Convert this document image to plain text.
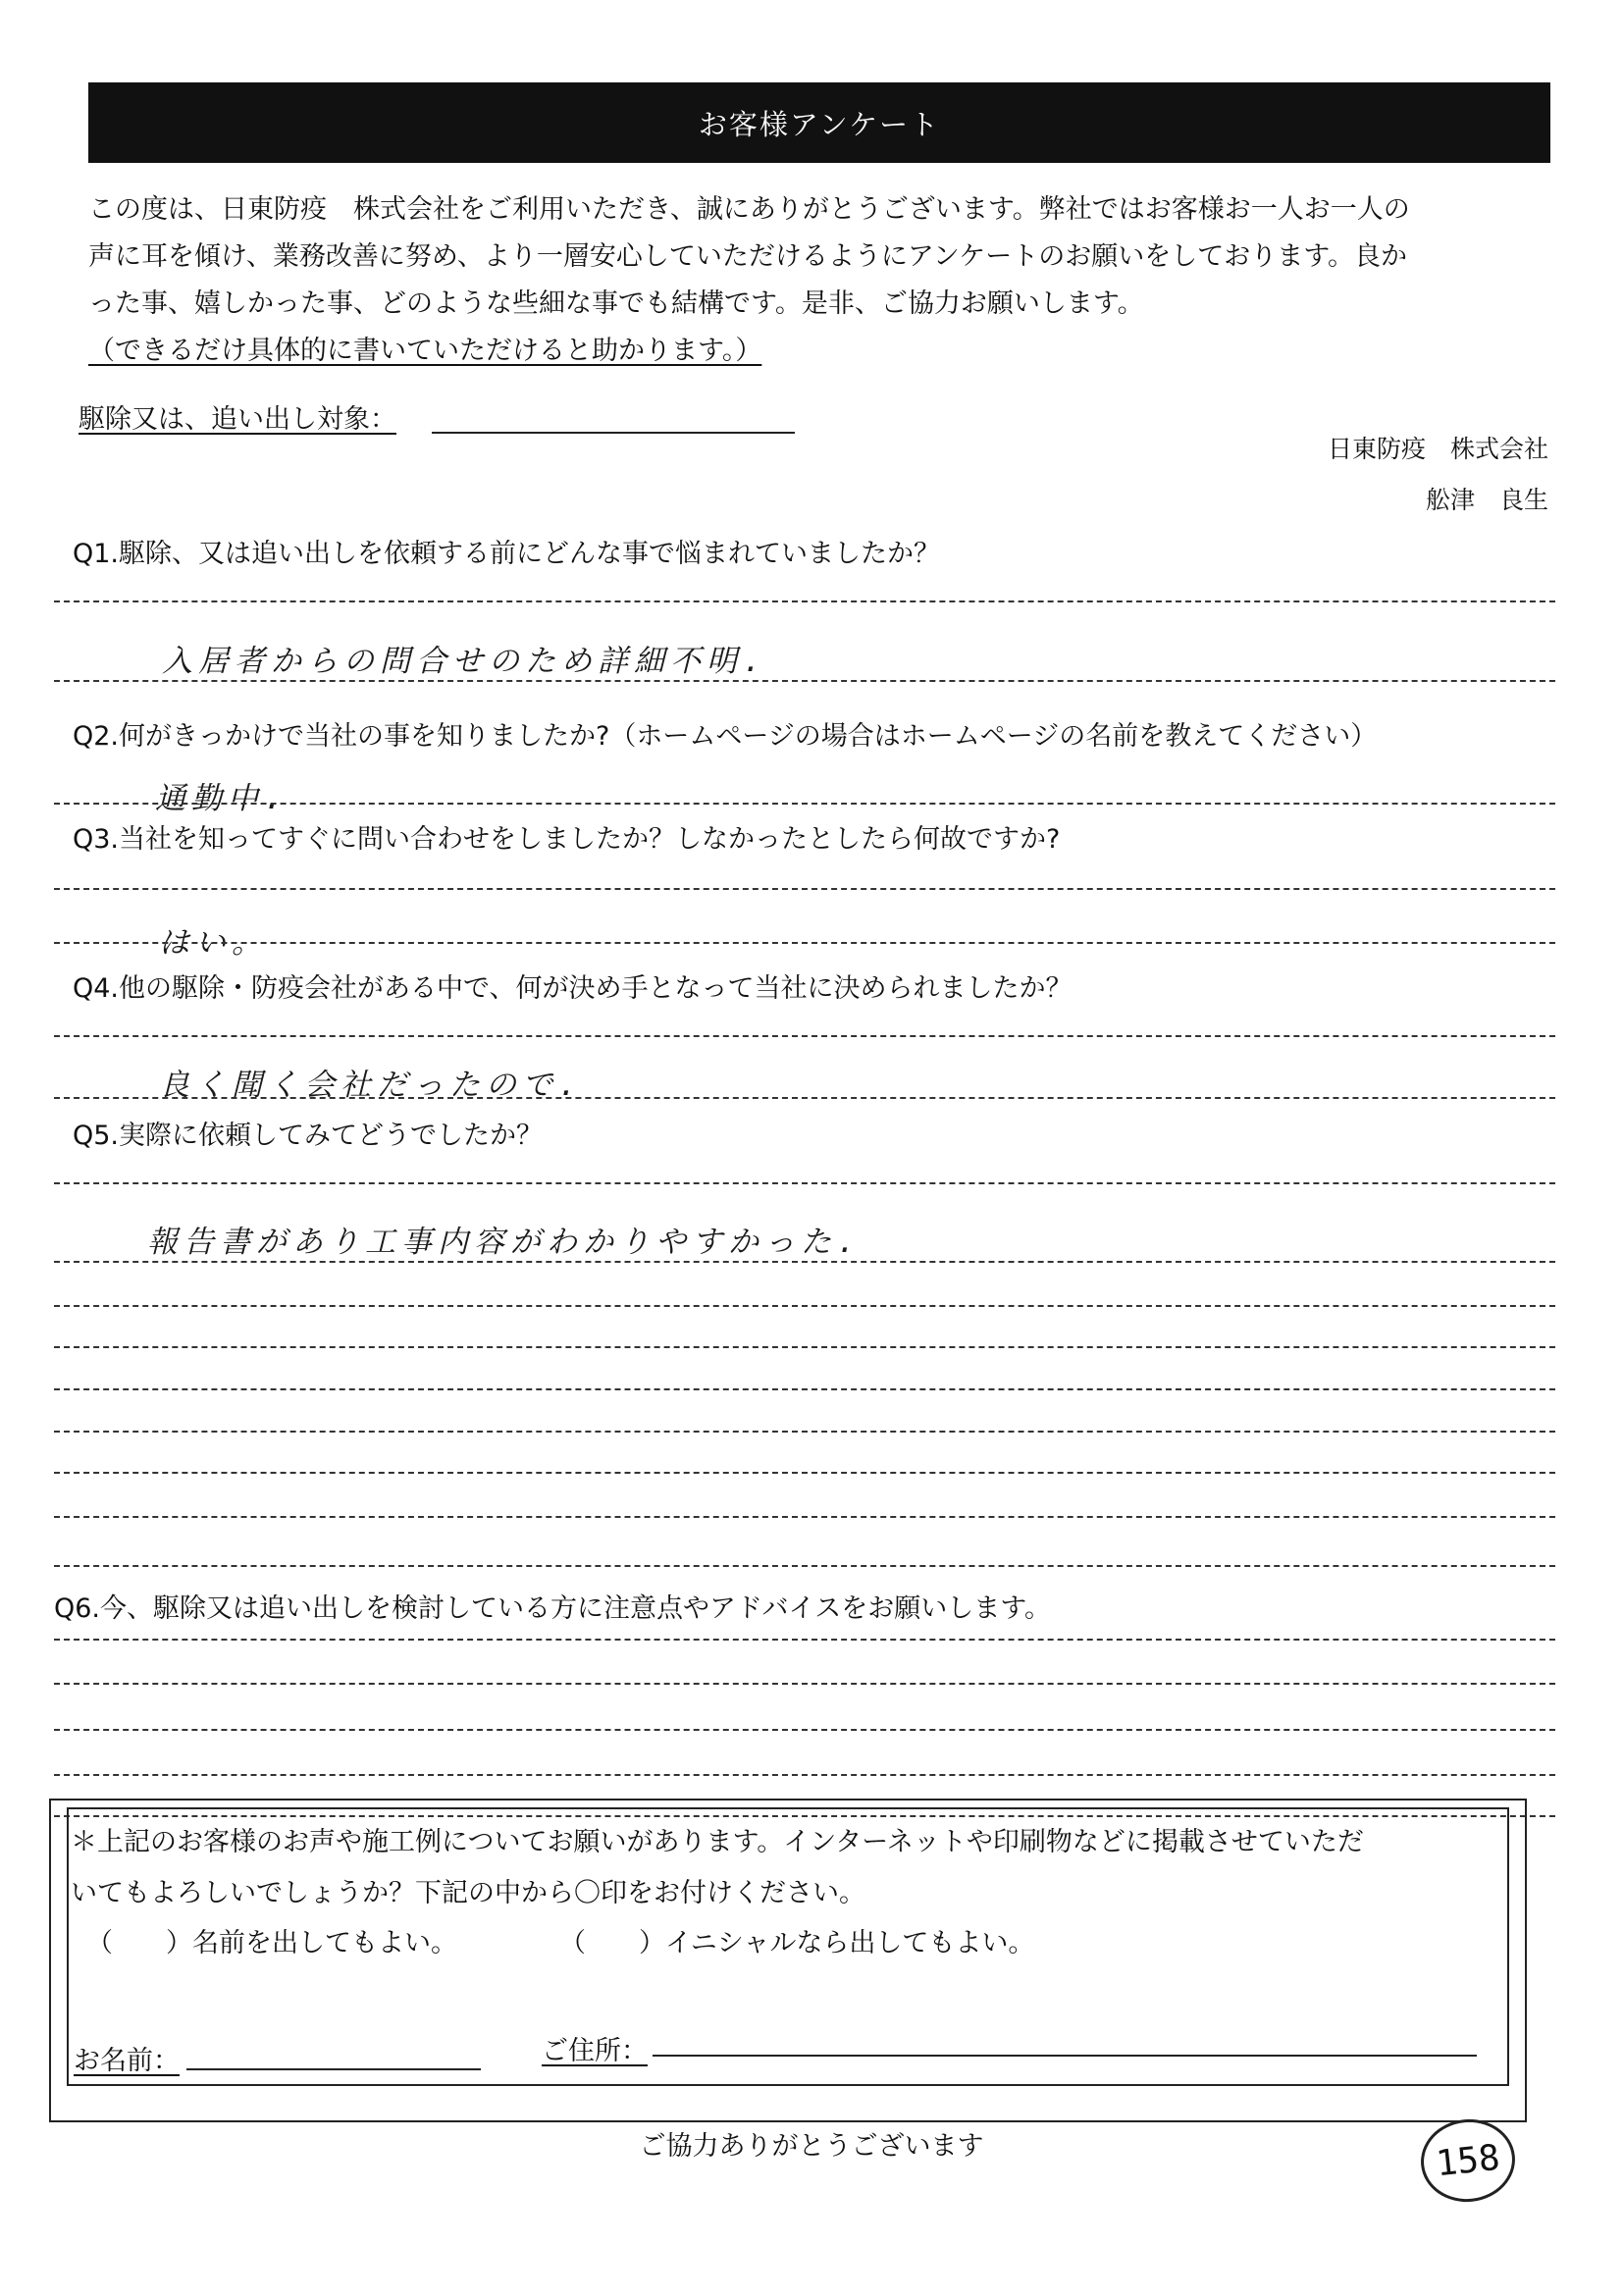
お客様アンケート

この度は、日東防疫　株式会社をご利用いただき、誠にありがとうございます。弊社ではお客様お一人お一人の

声に耳を傾け、業務改善に努め、より一層安心していただけるようにアンケートのお願いをしております。良か

った事、嬉しかった事、どのような些細な事でも結構です。是非、ご協力お願いします。

（できるだけ具体的に書いていただけると助かります。）

駆除又は、追い出し対象：
日東防疫　株式会社
舩津　良生
Q1.駆除、又は追い出しを依頼する前にどんな事で悩まれていましたか？
入居者からの問合せのため詳細不明.
Q2.何がきっかけで当社の事を知りましたか?（ホームページの場合はホームページの名前を教えてください）
通勤中.
Q3.当社を知ってすぐに問い合わせをしましたか？しなかったとしたら何故ですか?
はい。
Q4.他の駆除・防疫会社がある中で、何が決め手となって当社に決められましたか？
良く聞く会社だったので.
Q5.実際に依頼してみてどうでしたか？
報告書があり工事内容がわかりやすかった.
Q6.今、駆除又は追い出しを検討している方に注意点やアドバイスをお願いします。

＊上記のお客様のお声や施工例についてお願いがあります。インターネットや印刷物などに掲載させていただ

いてもよろしいでしょうか？下記の中から〇印をお付けください。

（　　）名前を出してもよい。	（　　）イニシャルなら出してもよい。
お名前：	ご住所：
ご協力ありがとうございます	158
